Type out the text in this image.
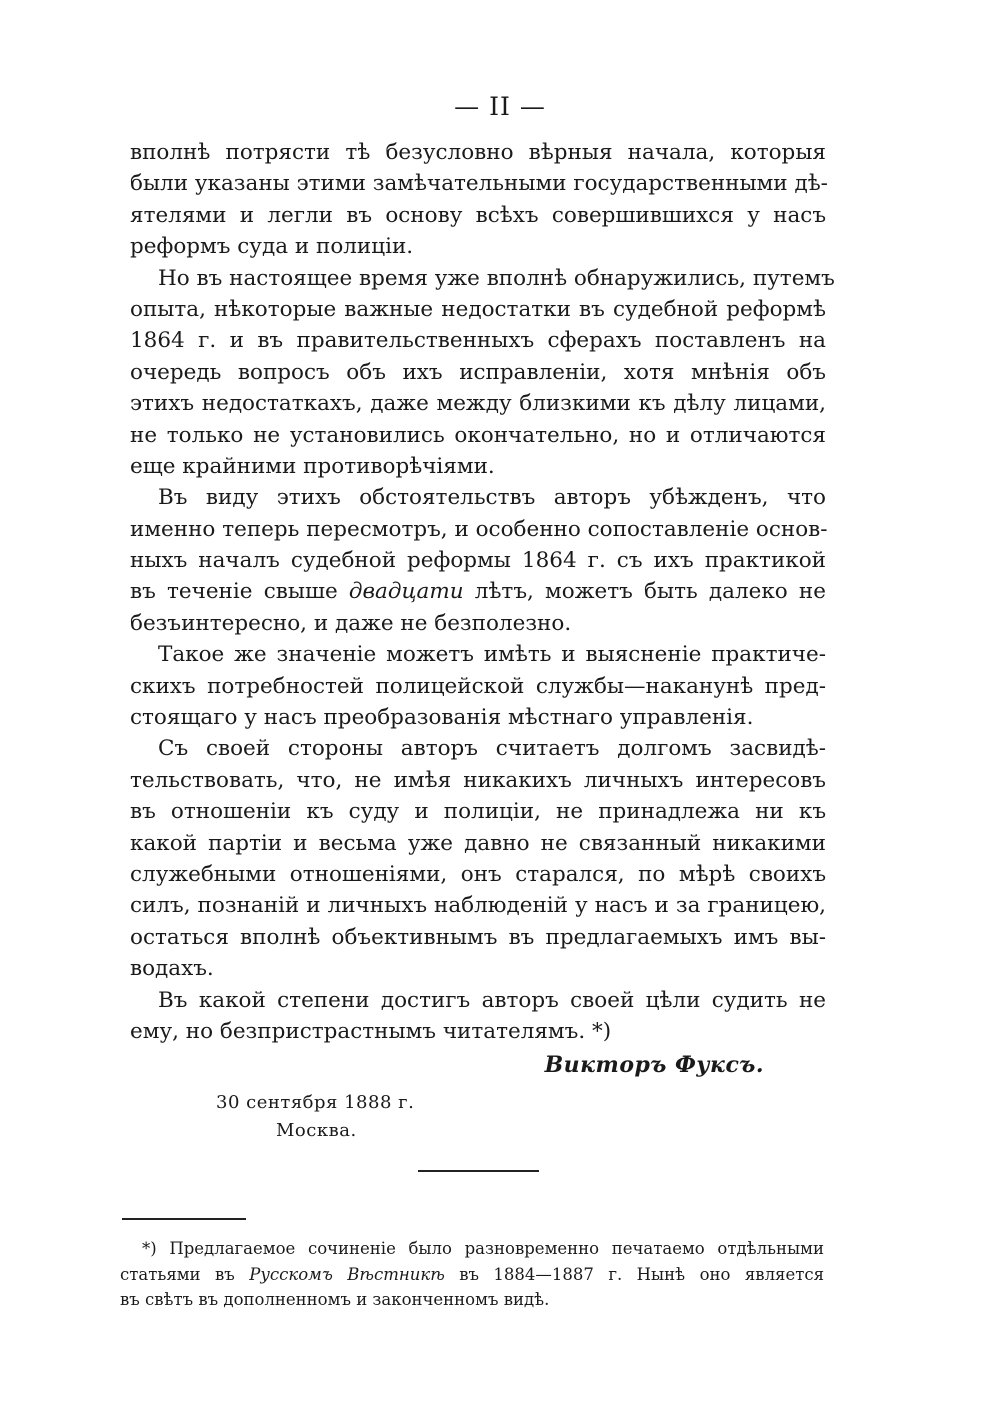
— II —
вполнѣ потрясти тѣ безусловно вѣрныя начала, которыя
были указаны этими замѣчательными государственными дѣ-
ятелями и легли въ основу всѣхъ совершившихся у насъ
реформъ суда и полиціи.
Но въ настоящее время уже вполнѣ обнаружились, путемъ
опыта, нѣкоторые важные недостатки въ судебной реформѣ
1864 г. и въ правительственныхъ сферахъ поставленъ на
очередь вопросъ объ ихъ исправленіи, хотя мнѣнія объ
этихъ недостаткахъ, даже между близкими къ дѣлу лицами,
не только не установились окончательно, но и отличаются
еще крайними противорѣчіями.
Въ виду этихъ обстоятельствъ авторъ убѣжденъ, что
именно теперь пересмотръ, и особенно сопоставленіе основ-
ныхъ началъ судебной реформы 1864 г. съ ихъ практикой
въ теченіе свыше двадцати лѣтъ, можетъ быть далеко не
безъинтересно, и даже не безполезно.
Такое же значеніе можетъ имѣть и выясненіе практиче-
скихъ потребностей полицейской службы—наканунѣ пред-
стоящаго у насъ преобразованія мѣстнаго управленія.
Съ своей стороны авторъ считаетъ долгомъ засвидѣ-
тельствовать, что, не имѣя никакихъ личныхъ интересовъ
въ отношеніи къ суду и полиціи, не принадлежа ни къ
какой партіи и весьма уже давно не связанный никакими
служебными отношеніями, онъ старался, по мѣрѣ своихъ
силъ, познаній и личныхъ наблюденій у насъ и за границею,
остаться вполнѣ объективнымъ въ предлагаемыхъ имъ вы-
водахъ.
Въ какой степени достигъ авторъ своей цѣли судить не
ему, но безпристрастнымъ читателямъ. *)
Викторъ Фуксъ.
30 сентября 1888 г.
Москва.
*) Предлагаемое сочиненіе было разновременно печатаемо отдѣльными
статьями въ Русскомъ Вѣстникѣ въ 1884—1887 г. Нынѣ оно является
въ свѣтъ въ дополненномъ и законченномъ видѣ.
